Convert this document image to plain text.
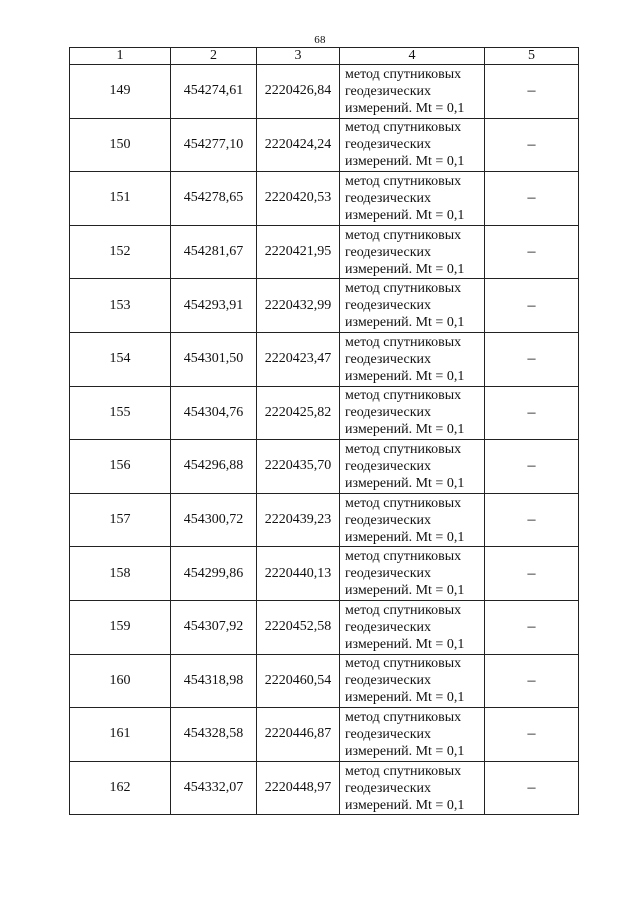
68
1	2	3	4	5
149	454274,61	2220426,84	метод спутниковых
геодезических
измерений. Mt = 0,1	–
150	454277,10	2220424,24	метод спутниковых
геодезических
измерений. Mt = 0,1	–
151	454278,65	2220420,53	метод спутниковых
геодезических
измерений. Mt = 0,1	–
152	454281,67	2220421,95	метод спутниковых
геодезических
измерений. Mt = 0,1	–
153	454293,91	2220432,99	метод спутниковых
геодезических
измерений. Mt = 0,1	–
154	454301,50	2220423,47	метод спутниковых
геодезических
измерений. Mt = 0,1	–
155	454304,76	2220425,82	метод спутниковых
геодезических
измерений. Mt = 0,1	–
156	454296,88	2220435,70	метод спутниковых
геодезических
измерений. Mt = 0,1	–
157	454300,72	2220439,23	метод спутниковых
геодезических
измерений. Mt = 0,1	–
158	454299,86	2220440,13	метод спутниковых
геодезических
измерений. Mt = 0,1	–
159	454307,92	2220452,58	метод спутниковых
геодезических
измерений. Mt = 0,1	–
160	454318,98	2220460,54	метод спутниковых
геодезических
измерений. Mt = 0,1	–
161	454328,58	2220446,87	метод спутниковых
геодезических
измерений. Mt = 0,1	–
162	454332,07	2220448,97	метод спутниковых
геодезических
измерений. Mt = 0,1	–
